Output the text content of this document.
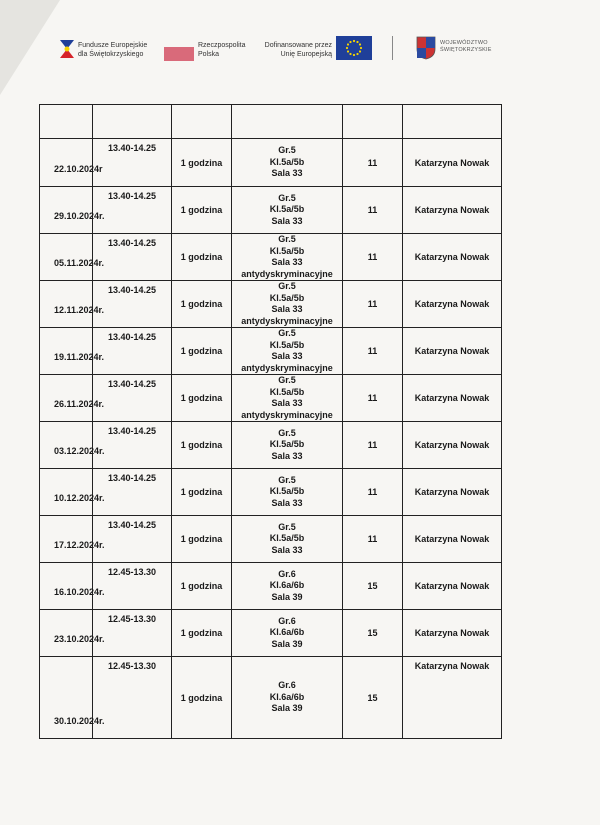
Fundusze Europejskie
dla Świętokrzyskiego
Rzeczpospolita
Polska
Dofinansowane przez
Unię Europejską
WOJEWÓDZTWO
ŚWIĘTOKRZYSKIE

22.10.2024r	13.40-14.25	1 godzina	Gr.5
Kl.5a/5b
Sala 33	11	Katarzyna Nowak
29.10.2024r.	13.40-14.25	1 godzina	Gr.5
Kl.5a/5b
Sala 33	11	Katarzyna Nowak
05.11.2024r.	13.40-14.25	1 godzina	Gr.5
Kl.5a/5b
Sala 33
antydyskryminacyjne	11	Katarzyna Nowak
12.11.2024r.	13.40-14.25	1 godzina	Gr.5
Kl.5a/5b
Sala 33
antydyskryminacyjne	11	Katarzyna Nowak
19.11.2024r.	13.40-14.25	1 godzina	Gr.5
Kl.5a/5b
Sala 33
antydyskryminacyjne	11	Katarzyna Nowak
26.11.2024r.	13.40-14.25	1 godzina	Gr.5
Kl.5a/5b
Sala 33
antydyskryminacyjne	11	Katarzyna Nowak
03.12.2024r.	13.40-14.25	1 godzina	Gr.5
Kl.5a/5b
Sala 33	11	Katarzyna Nowak
10.12.2024r.	13.40-14.25	1 godzina	Gr.5
Kl.5a/5b
Sala 33	11	Katarzyna Nowak
17.12.2024r.	13.40-14.25	1 godzina	Gr.5
Kl.5a/5b
Sala 33	11	Katarzyna Nowak
16.10.2024r.	12.45-13.30	1 godzina	Gr.6
Kl.6a/6b
Sala 39	15	Katarzyna Nowak
23.10.2024r.	12.45-13.30	1 godzina	Gr.6
Kl.6a/6b
Sala 39	15	Katarzyna Nowak
30.10.2024r.	12.45-13.30	1 godzina	Gr.6
Kl.6a/6b
Sala 39	15	Katarzyna Nowak
